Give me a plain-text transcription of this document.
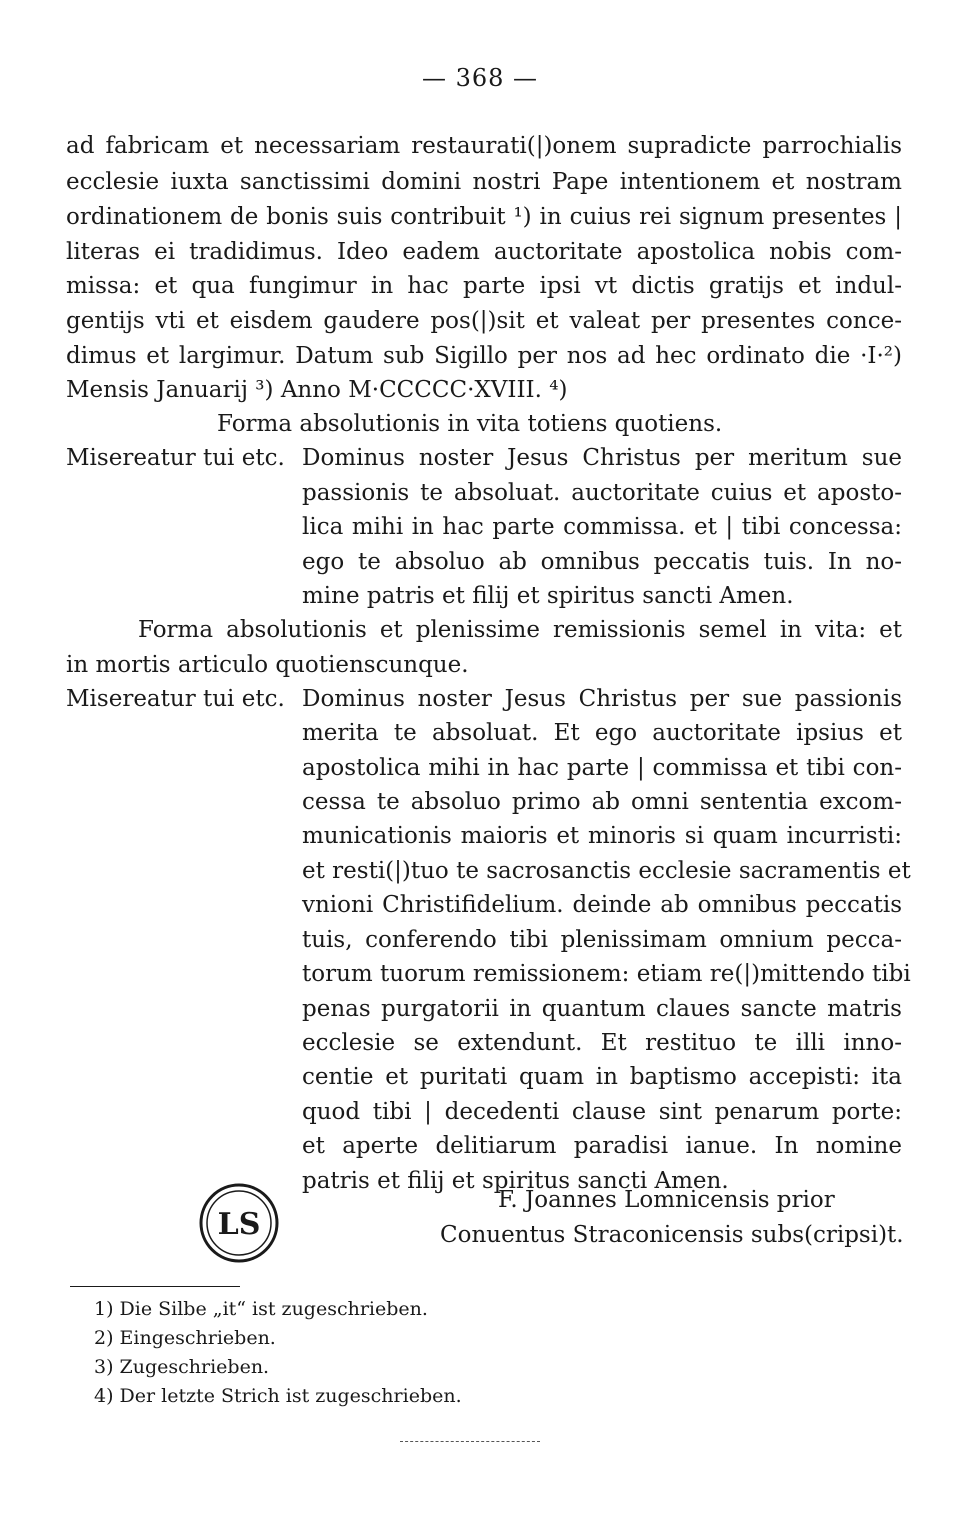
— 368 —
ad fabricam et necessariam restaurati(|)onem supradicte parrochialis
ecclesie iuxta sanctissimi domini nostri Pape intentionem et nostram
ordinationem de bonis suis contribuit ¹) in cuius rei signum presentes |
literas ei tradidimus. Ideo eadem auctoritate apostolica nobis com-
missa: et qua fungimur in hac parte ipsi vt dictis gratijs et indul-
gentijs vti et eisdem gaudere pos(|)sit et valeat per presentes conce-
dimus et largimur. Datum sub Sigillo per nos ad hec ordinato die ·I·²)
Mensis Januarij ³) Anno M·CCCCC·XVIII. ⁴)
Forma absolutionis in vita totiens quotiens.
Misereatur tui etc. Dominus noster Jesus Christus per meritum sue
passionis te absoluat. auctoritate cuius et aposto-
lica mihi in hac parte commissa. et | tibi concessa:
ego te absoluo ab omnibus peccatis tuis. In no-
mine patris et filij et spiritus sancti Amen.
Forma absolutionis et plenissime remissionis semel in vita: et
in mortis articulo quotienscunque.
Misereatur tui etc. Dominus noster Jesus Christus per sue passionis
merita te absoluat. Et ego auctoritate ipsius et
apostolica mihi in hac parte | commissa et tibi con-
cessa te absoluo primo ab omni sententia excom-
municationis maioris et minoris si quam incurristi:
et resti(|)tuo te sacrosanctis ecclesie sacramentis et
vnioni Christifidelium. deinde ab omnibus peccatis
tuis, conferendo tibi plenissimam omnium pecca-
torum tuorum remissionem: etiam re(|)mittendo tibi
penas purgatorii in quantum claues sancte matris
ecclesie se extendunt. Et restituo te illi inno-
centie et puritati quam in baptismo accepisti: ita
quod tibi | decedenti clause sint penarum porte:
et aperte delitiarum paradisi ianue. In nomine
patris et filij et spiritus sancti Amen.
LS
F. Joannes Lomnicensis prior
Conuentus Straconicensis subs(cripsi)t.
1) Die Silbe „it“ ist zugeschrieben.
2) Eingeschrieben.
3) Zugeschrieben.
4) Der letzte Strich ist zugeschrieben.
